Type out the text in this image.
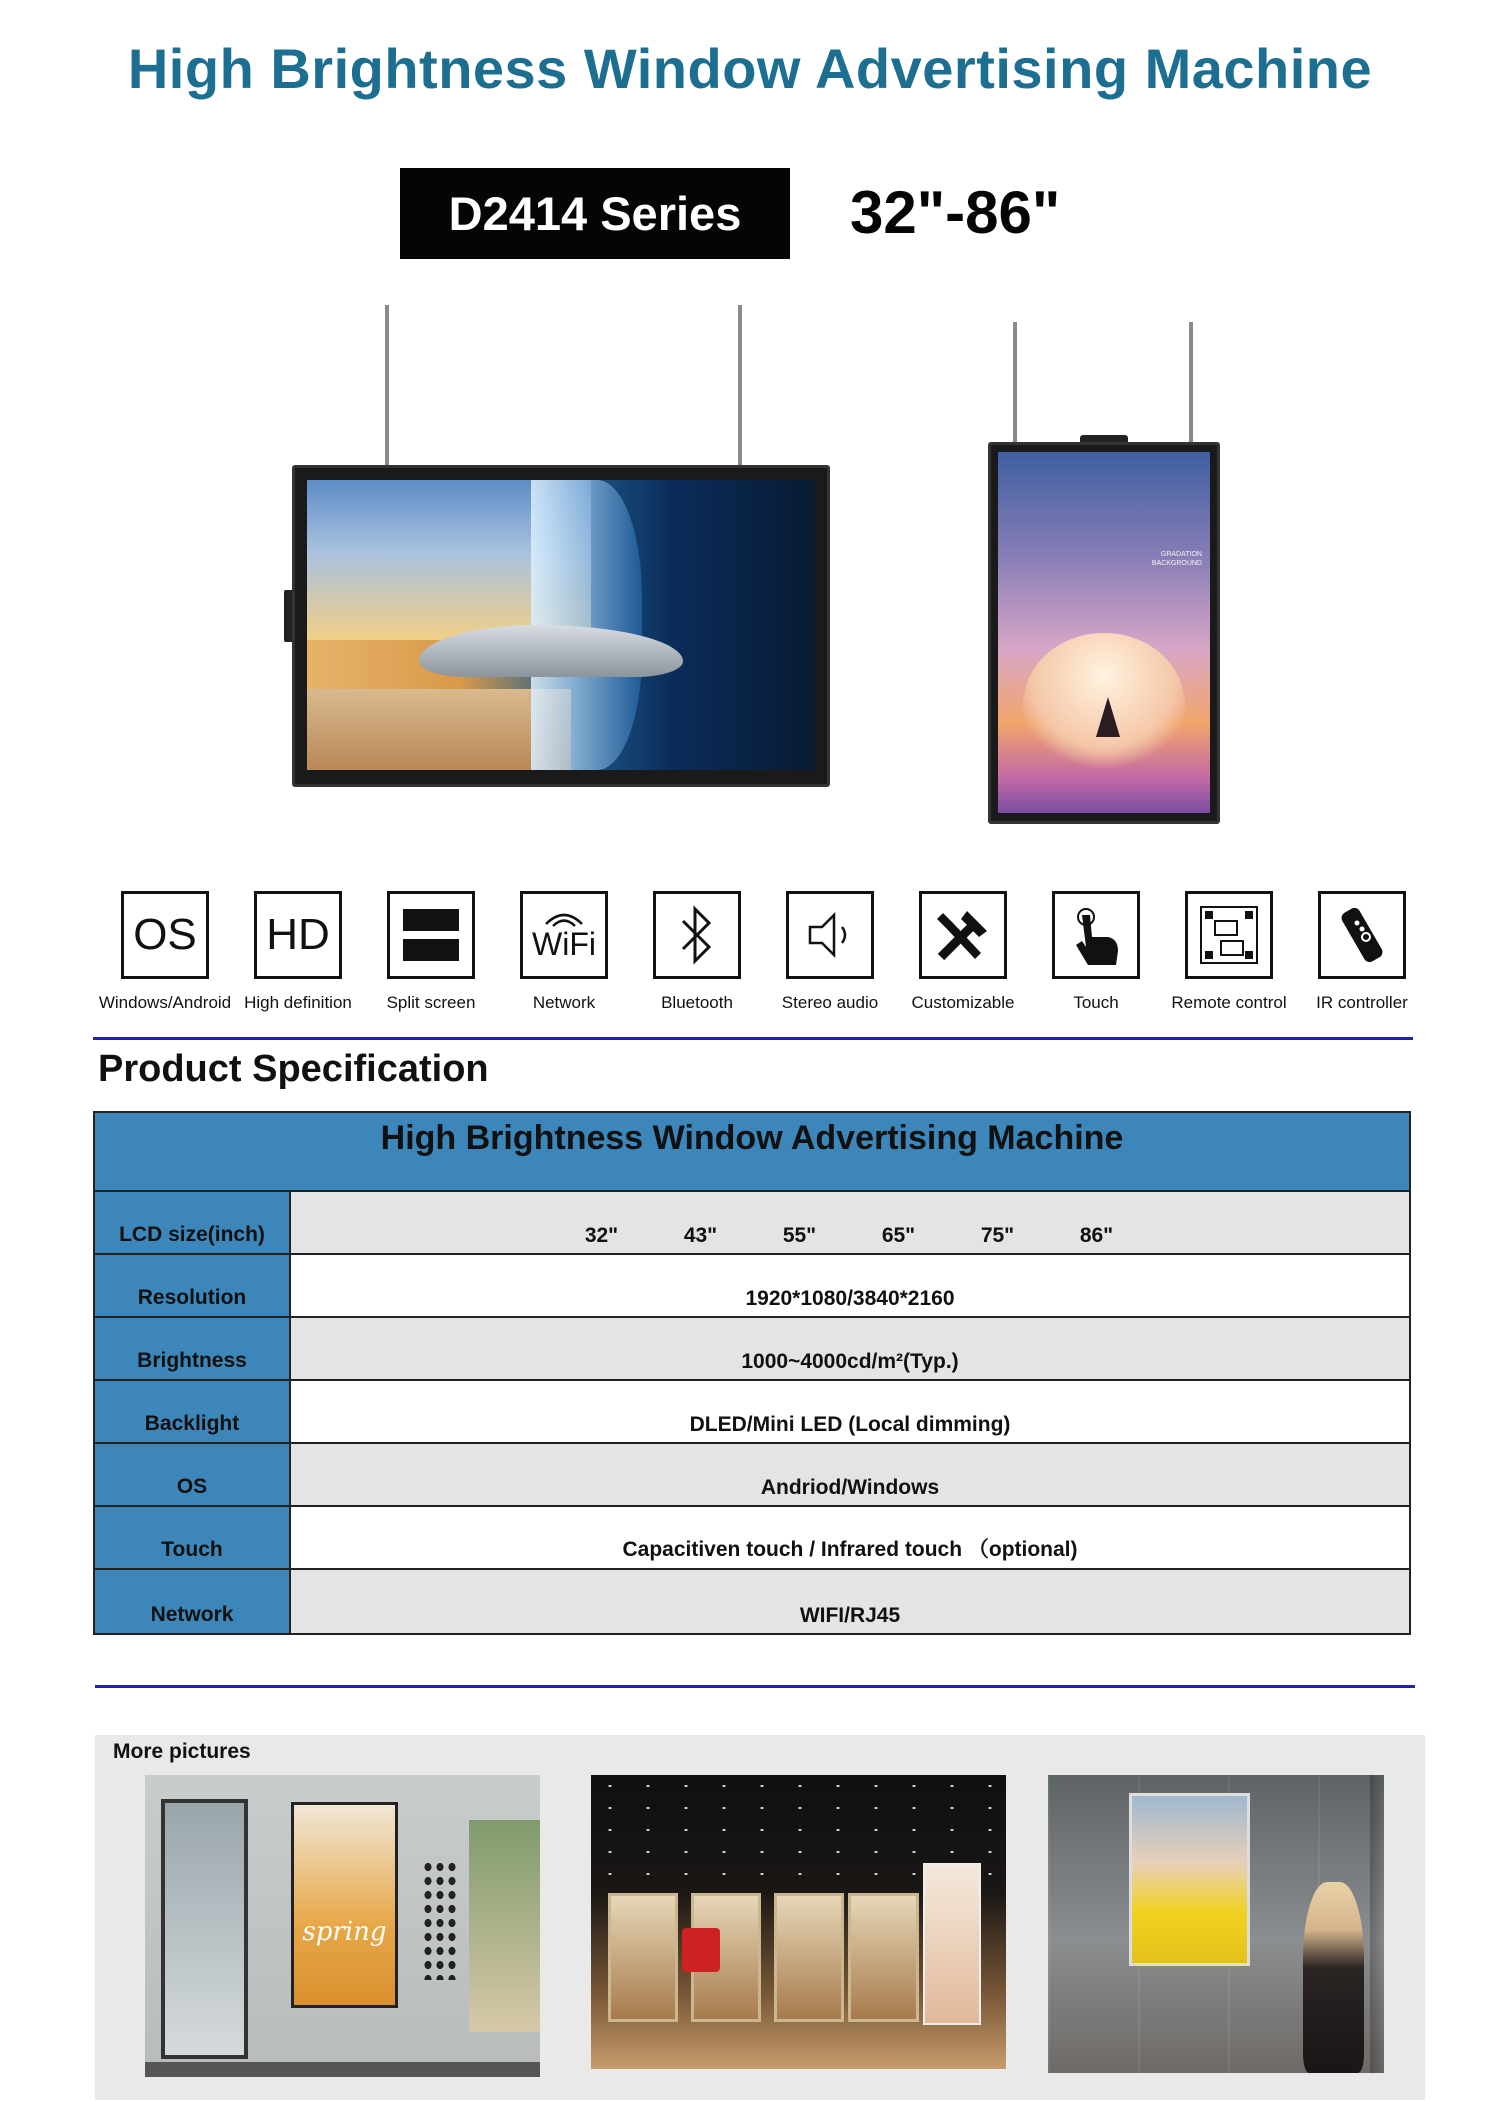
High Brightness Window Advertising Machine
D2414 Series	32"-86"
GRADATION
BACKGROUND
OS
Windows/Android
HD
High definition Split screen
WiFi
Network	Bluetooth	Stereo audio Customizable	Touch	Remote control IR controller
Product Specification
High Brightness Window Advertising Machine
LCD size(inch)	32"	43"	55"	65"	75"	86"
Resolution	1920*1080/3840*2160
Brightness	1000~4000cd/m²(Typ.)
Backlight	DLED/Mini LED (Local dimming)
OS	Andriod/Windows
Touch	Capacitiven touch / Infrared touch （optional)
Network	WIFI/RJ45
More pictures
spring
